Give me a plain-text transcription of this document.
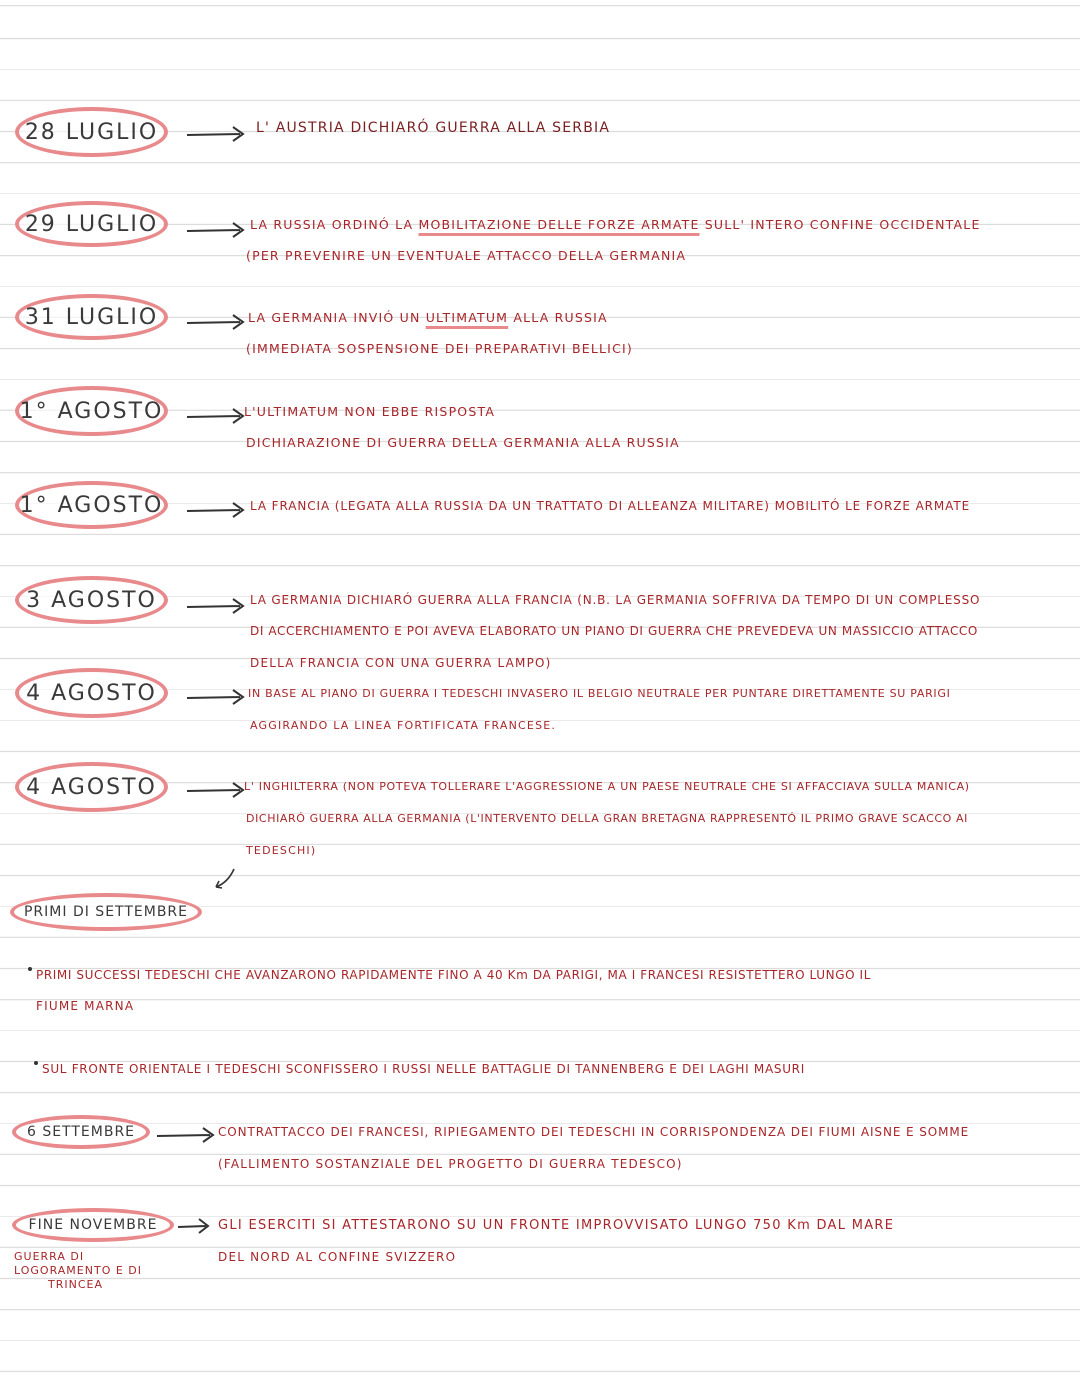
28 LUGLIO	L' AUSTRIA DICHIARÓ GUERRA ALLA SERBIA
29 LUGLIO	LA RUSSIA ORDINÓ LA MOBILITAZIONE DELLE FORZE ARMATE SULL' INTERO CONFINE OCCIDENTALE
(PER PREVENIRE UN EVENTUALE ATTACCO DELLA GERMANIA
31 LUGLIO	LA GERMANIA INVIÓ UN ULTIMATUM ALLA RUSSIA
(IMMEDIATA SOSPENSIONE DEI PREPARATIVI BELLICI)
1° AGOSTO	L'ULTIMATUM NON EBBE RISPOSTA
DICHIARAZIONE DI GUERRA DELLA GERMANIA ALLA RUSSIA
1° AGOSTO	LA FRANCIA (LEGATA ALLA RUSSIA DA UN TRATTATO DI ALLEANZA MILITARE) MOBILITÓ LE FORZE ARMATE
3 AGOSTO	LA GERMANIA DICHIARÓ GUERRA ALLA FRANCIA (N.B. LA GERMANIA SOFFRIVA DA TEMPO DI UN COMPLESSO
DI ACCERCHIAMENTO E POI AVEVA ELABORATO UN PIANO DI GUERRA CHE PREVEDEVA UN MASSICCIO ATTACCO
DELLA FRANCIA CON UNA GUERRA LAMPO)
4 AGOSTO	IN BASE AL PIANO DI GUERRA I TEDESCHI INVASERO IL BELGIO NEUTRALE PER PUNTARE DIRETTAMENTE SU PARIGI
AGGIRANDO LA LINEA FORTIFICATA FRANCESE.
4 AGOSTO	L' INGHILTERRA (NON POTEVA TOLLERARE L'AGGRESSIONE A UN PAESE NEUTRALE CHE SI AFFACCIAVA SULLA MANICA)
DICHIARÓ GUERRA ALLA GERMANIA (L'INTERVENTO DELLA GRAN BRETAGNA RAPPRESENTÓ IL PRIMO GRAVE SCACCO AI
TEDESCHI)
PRIMI DI SETTEMBRE
PRIMI SUCCESSI TEDESCHI CHE AVANZARONO RAPIDAMENTE FINO A 40 Km DA PARIGI, MA I FRANCESI RESISTETTERO LUNGO IL
FIUME MARNA
SUL FRONTE ORIENTALE I TEDESCHI SCONFISSERO I RUSSI NELLE BATTAGLIE DI TANNENBERG E DEI LAGHI MASURI
6 SETTEMBRE	CONTRATTACCO DEI FRANCESI, RIPIEGAMENTO DEI TEDESCHI IN CORRISPONDENZA DEI FIUMI AISNE E SOMME
(FALLIMENTO SOSTANZIALE DEL PROGETTO DI GUERRA TEDESCO)
FINE NOVEMBRE	GLI ESERCITI SI ATTESTARONO SU UN FRONTE IMPROVVISATO LUNGO 750 Km DAL MARE
DEL NORD AL CONFINE SVIZZERO
GUERRA DI
LOGORAMENTO E DI
TRINCEA
